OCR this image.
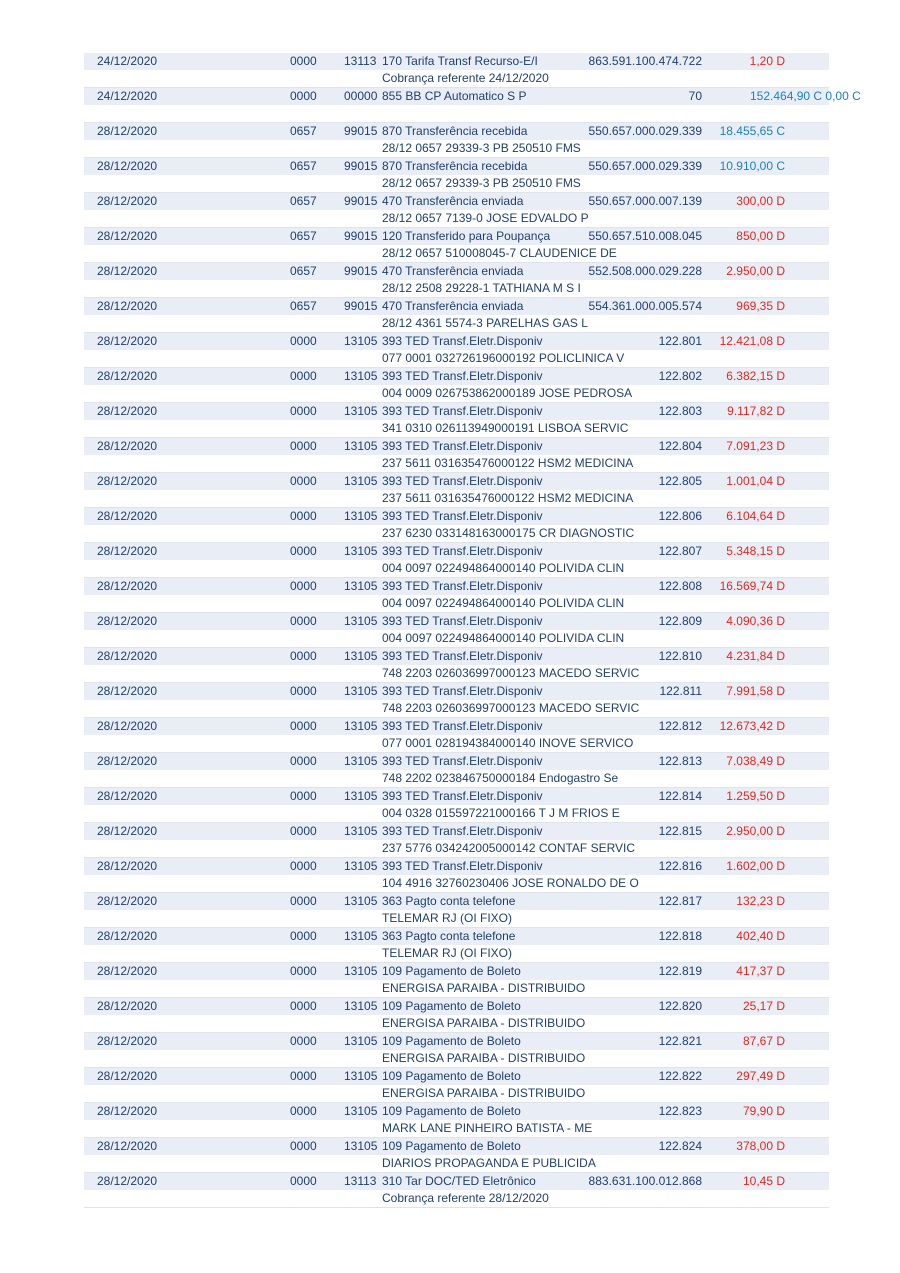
24/12/2020	0000 13113 170 Tarifa Transf Recurso-E/I	863.591.100.474.722	1,20 D
Cobrança referente 24/12/2020
24/12/2020	0000 00000 855 BB CP Automatico S P	70	152.464,90 C 0,00 C
28/12/2020	0657 99015 870 Transferência recebida	550.657.000.029.339 18.455,65 C
28/12 0657 29339-3 PB 250510 FMS
28/12/2020	0657 99015 870 Transferência recebida	550.657.000.029.339 10.910,00 C
28/12 0657 29339-3 PB 250510 FMS
28/12/2020	0657 99015 470 Transferência enviada	550.657.000.007.139	300,00 D
28/12 0657 7139-0 JOSE EDVALDO P
28/12/2020	0657 99015 120 Transferido para Poupança	550.657.510.008.045	850,00 D
28/12 0657 510008045-7 CLAUDENICE DE
28/12/2020	0657 99015 470 Transferência enviada	552.508.000.029.228 2.950,00 D
28/12 2508 29228-1 TATHIANA M S I
28/12/2020	0657 99015 470 Transferência enviada	554.361.000.005.574	969,35 D
28/12 4361 5574-3 PARELHAS GAS L
28/12/2020	0000 13105 393 TED Transf.Eletr.Disponiv	122.801 12.421,08 D
077 0001 032726196000192 POLICLINICA V
28/12/2020	0000 13105 393 TED Transf.Eletr.Disponiv	122.802 6.382,15 D
004 0009 026753862000189 JOSE PEDROSA
28/12/2020	0000 13105 393 TED Transf.Eletr.Disponiv	122.803 9.117,82 D
341 0310 026113949000191 LISBOA SERVIC
28/12/2020	0000 13105 393 TED Transf.Eletr.Disponiv	122.804 7.091,23 D
237 5611 031635476000122 HSM2 MEDICINA
28/12/2020	0000 13105 393 TED Transf.Eletr.Disponiv	122.805 1.001,04 D
237 5611 031635476000122 HSM2 MEDICINA
28/12/2020	0000 13105 393 TED Transf.Eletr.Disponiv	122.806 6.104,64 D
237 6230 033148163000175 CR DIAGNOSTIC
28/12/2020	0000 13105 393 TED Transf.Eletr.Disponiv	122.807 5.348,15 D
004 0097 022494864000140 POLIVIDA CLIN
28/12/2020	0000 13105 393 TED Transf.Eletr.Disponiv	122.808 16.569,74 D
004 0097 022494864000140 POLIVIDA CLIN
28/12/2020	0000 13105 393 TED Transf.Eletr.Disponiv	122.809 4.090,36 D
004 0097 022494864000140 POLIVIDA CLIN
28/12/2020	0000 13105 393 TED Transf.Eletr.Disponiv	122.810 4.231,84 D
748 2203 026036997000123 MACEDO SERVIC
28/12/2020	0000 13105 393 TED Transf.Eletr.Disponiv	122.811 7.991,58 D
748 2203 026036997000123 MACEDO SERVIC
28/12/2020	0000 13105 393 TED Transf.Eletr.Disponiv	122.812 12.673,42 D
077 0001 028194384000140 INOVE SERVICO
28/12/2020	0000 13105 393 TED Transf.Eletr.Disponiv	122.813 7.038,49 D
748 2202 023846750000184 Endogastro Se
28/12/2020	0000 13105 393 TED Transf.Eletr.Disponiv	122.814 1.259,50 D
004 0328 015597221000166 T J M FRIOS E
28/12/2020	0000 13105 393 TED Transf.Eletr.Disponiv	122.815 2.950,00 D
237 5776 034242005000142 CONTAF SERVIC
28/12/2020	0000 13105 393 TED Transf.Eletr.Disponiv	122.816 1.602,00 D
104 4916 32760230406 JOSE RONALDO DE O
28/12/2020	0000 13105 363 Pagto conta telefone	122.817	132,23 D
TELEMAR RJ (OI FIXO)
28/12/2020	0000 13105 363 Pagto conta telefone	122.818	402,40 D
TELEMAR RJ (OI FIXO)
28/12/2020	0000 13105 109 Pagamento de Boleto	122.819	417,37 D
ENERGISA PARAIBA - DISTRIBUIDO
28/12/2020	0000 13105 109 Pagamento de Boleto	122.820	25,17 D
ENERGISA PARAIBA - DISTRIBUIDO
28/12/2020	0000 13105 109 Pagamento de Boleto	122.821	87,67 D
ENERGISA PARAIBA - DISTRIBUIDO
28/12/2020	0000 13105 109 Pagamento de Boleto	122.822	297,49 D
ENERGISA PARAIBA - DISTRIBUIDO
28/12/2020	0000 13105 109 Pagamento de Boleto	122.823	79,90 D
MARK LANE PINHEIRO BATISTA - ME
28/12/2020	0000 13105 109 Pagamento de Boleto	122.824	378,00 D
DIARIOS PROPAGANDA E PUBLICIDA
28/12/2020	0000 13113 310 Tar DOC/TED Eletrônico	883.631.100.012.868	10,45 D
Cobrança referente 28/12/2020
